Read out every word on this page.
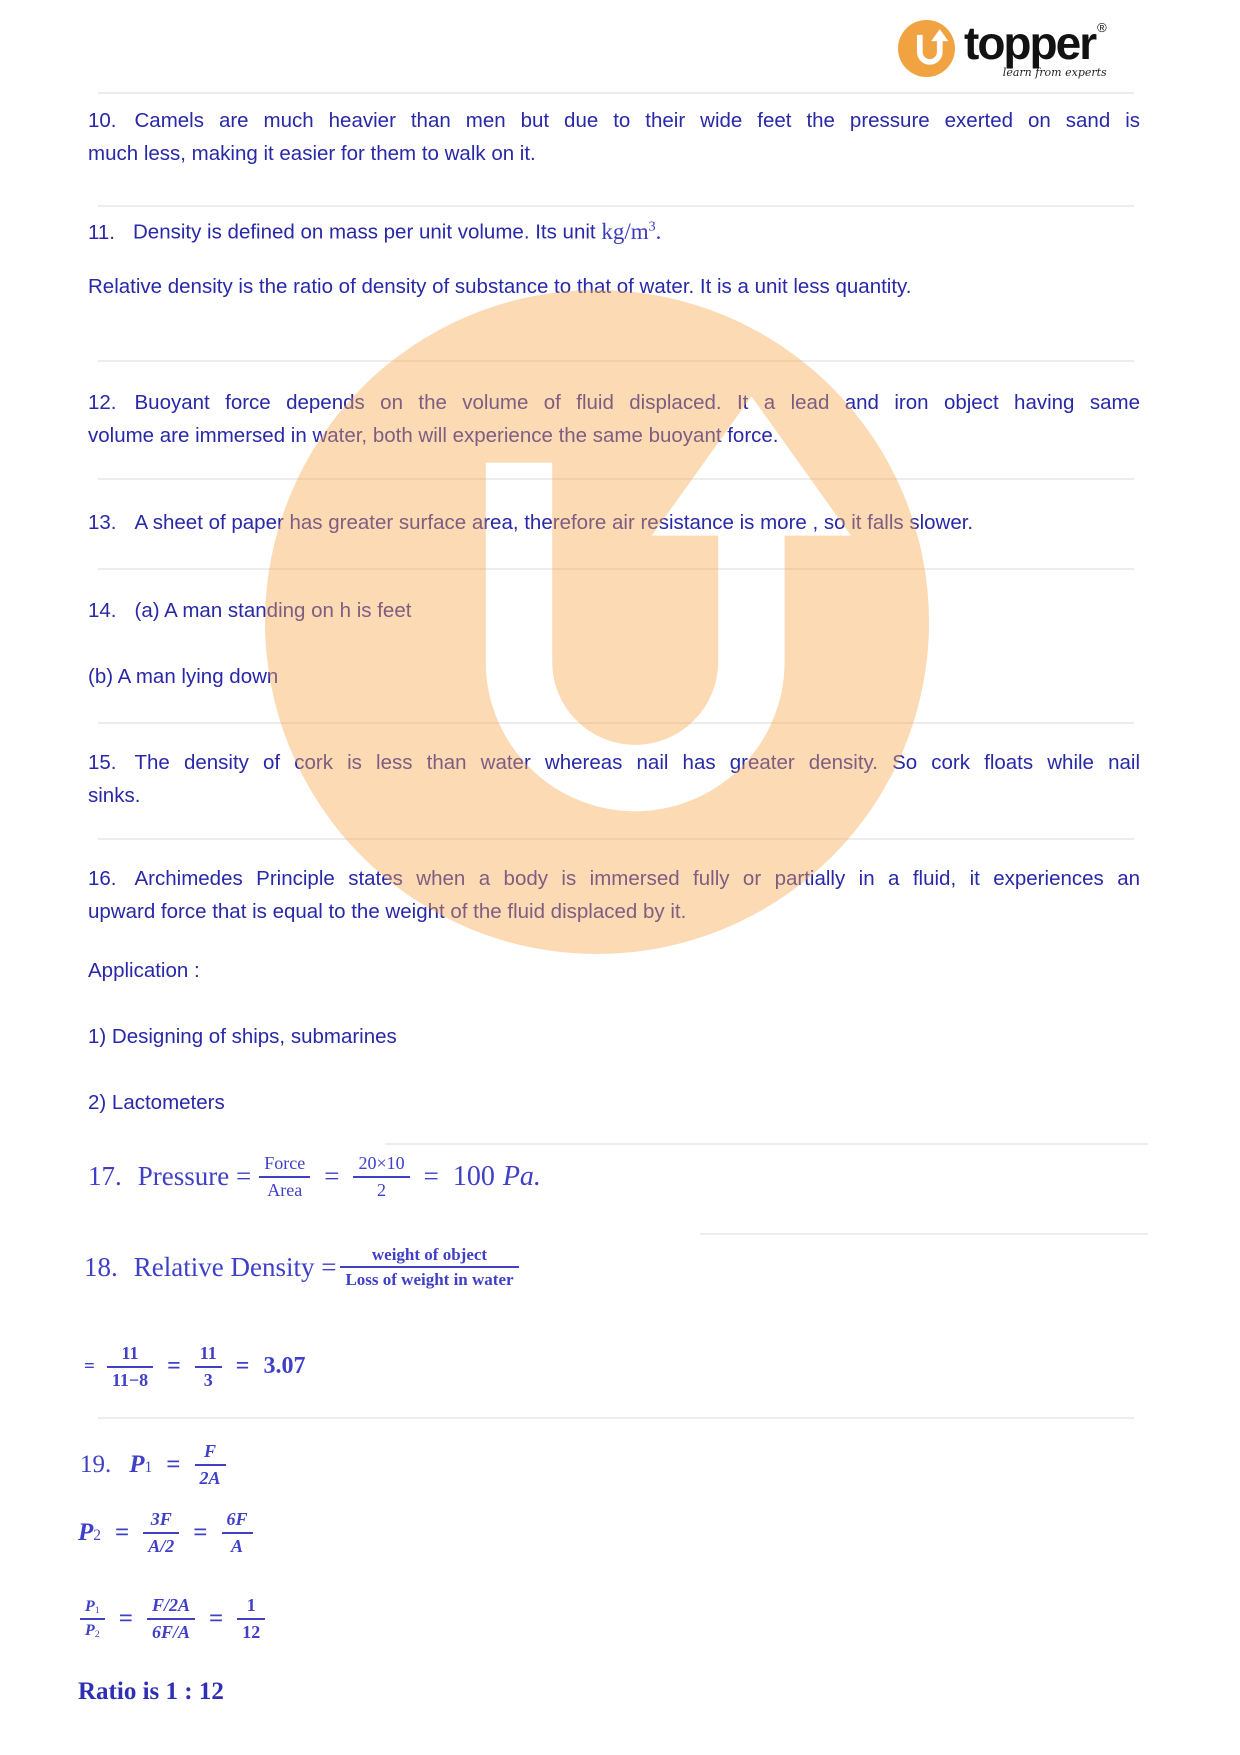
topper ®
learn from experts
10. Camels are much heavier than men but due to their wide feet the pressure exerted on sand is
much less, making it easier for them to walk on it.
11. Density is defined on mass per unit volume. Its unit $kg/m^3$.
Relative density is the ratio of density of substance to that of water. It is a unit less quantity.
12. Buoyant force depends on the volume of fluid displaced. It a lead and iron object having same
volume are immersed in water, both will experience the same buoyant force.
13. A sheet of paper has greater surface area, therefore air resistance is more , so it falls slower.
14. (a) A man standing on h is feet
(b) A man lying down
15. The density of cork is less than water whereas nail has greater density. So cork floats while nail
sinks.
16. Archimedes Principle states when a body is immersed fully or partially in a fluid, it experiences an
upward force that is equal to the weight of the fluid displaced by it.
Application :
1) Designing of ships, submarines
2) Lactometers
17. Pressure = $\frac{\text{Force}}{\text{Area}} = \frac{20\times 10}{2} = 100$ Pa.
18. Relative Density = $\frac{\text{weight of object}}{\text{Loss of weight in water}}$
= $\frac{11}{11-8} = \frac{11}{3} = 3.07$
19. P $1 = \frac{F}{2A}$
P $2 = \frac{3F}{A/2} = \frac{6F}{A}$
$\frac{P1}{P2} = \frac{F/2A}{6F/A} = \frac{1}{12}$
Ratio is 1 : 12
